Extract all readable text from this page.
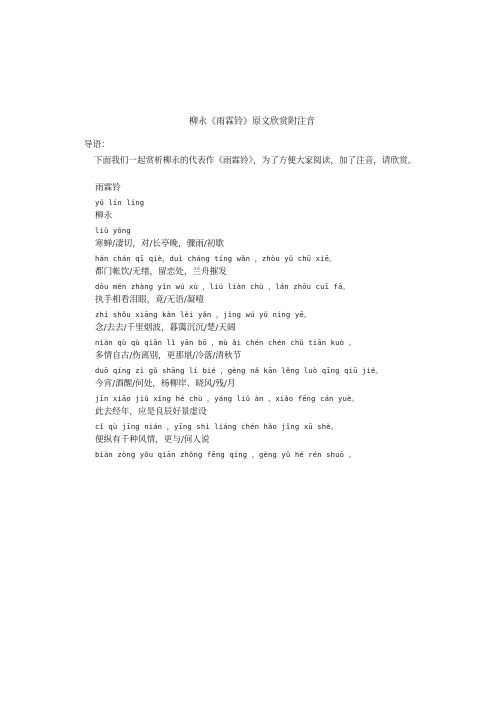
柳永《雨霖铃》原文欣赏附注音
导语：
下面我们一起赏析柳永的代表作《雨霖铃》，为了方便大家阅读，加了注音，请欣赏。
雨霖铃
yǔ lín líng
柳永
liǔ yǒng
寒蝉/凄切，对/长亭晚，骤雨/初歇
hán chán qī qiè，duì cháng tíng wǎn ，zhòu yǔ chū xiē。
都门帐饮/无绪，留恋处，兰舟摧发
dōu mén zhàng yǐn wú xù ，liú liàn chù ，lán zhōu cuī fā。
执手相看泪眼，竟/无语/凝噎
zhí shǒu xiāng kàn lèi yǎn ，jìng wú yǔ níng yē。
念/去去/千里烟波，暮霭沉沉/楚/天阔
niàn qù qù qiān lǐ yān bō ，mù ǎi chén chén chǔ tiān kuò 。
多情自古/伤离别，更那堪/冷落/清秋节
duō qíng zì gǔ shāng lí bié ，gèng nǎ kān lěng luò qīng qiū jié。
今宵/酒醒/何处，杨柳岸、晓风/残/月
jīn xiāo jiǔ xǐng hé chù ，yáng liǔ àn 、xiǎo fēng cán yuè。
此去经年，应是良辰好景虚设
cǐ qù jīng nián ，yīng shì liáng chén hǎo jǐng xū shè。
便纵有千种风情，更与/何人说
biàn zòng yǒu qiān zhǒng fēng qíng ，gèng yǔ hé rén shuō 。
